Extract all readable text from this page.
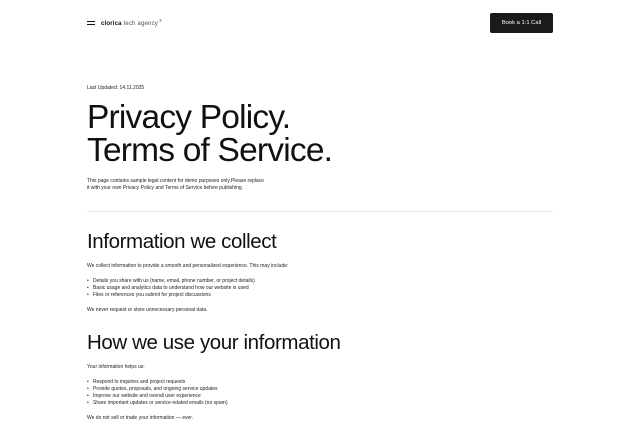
clorica tech agency®	Book a 1:1 Call
Last Updated: 14.11.2025
Privacy Policy.
Terms of Service.

This page contains sample legal content for demo purposes only.Please replace
it with your own Privacy Policy and Terms of Service before publishing.

Information we collect

We collect information to provide a smooth and personalized experience. This may include:

• Details you share with us (name, email, phone number, or project details)
• Basic usage and analytics data to understand how our website is used
• Files or references you submit for project discussions

We never request or store unnecessary personal data.

How we use your information

Your information helps us:

• Respond to inquiries and project requests
• Provide quotes, proposals, and ongoing service updates
• Improve our website and overall user experience
• Share important updates or service-related emails (no spam)

We do not sell or trade your information — ever.
